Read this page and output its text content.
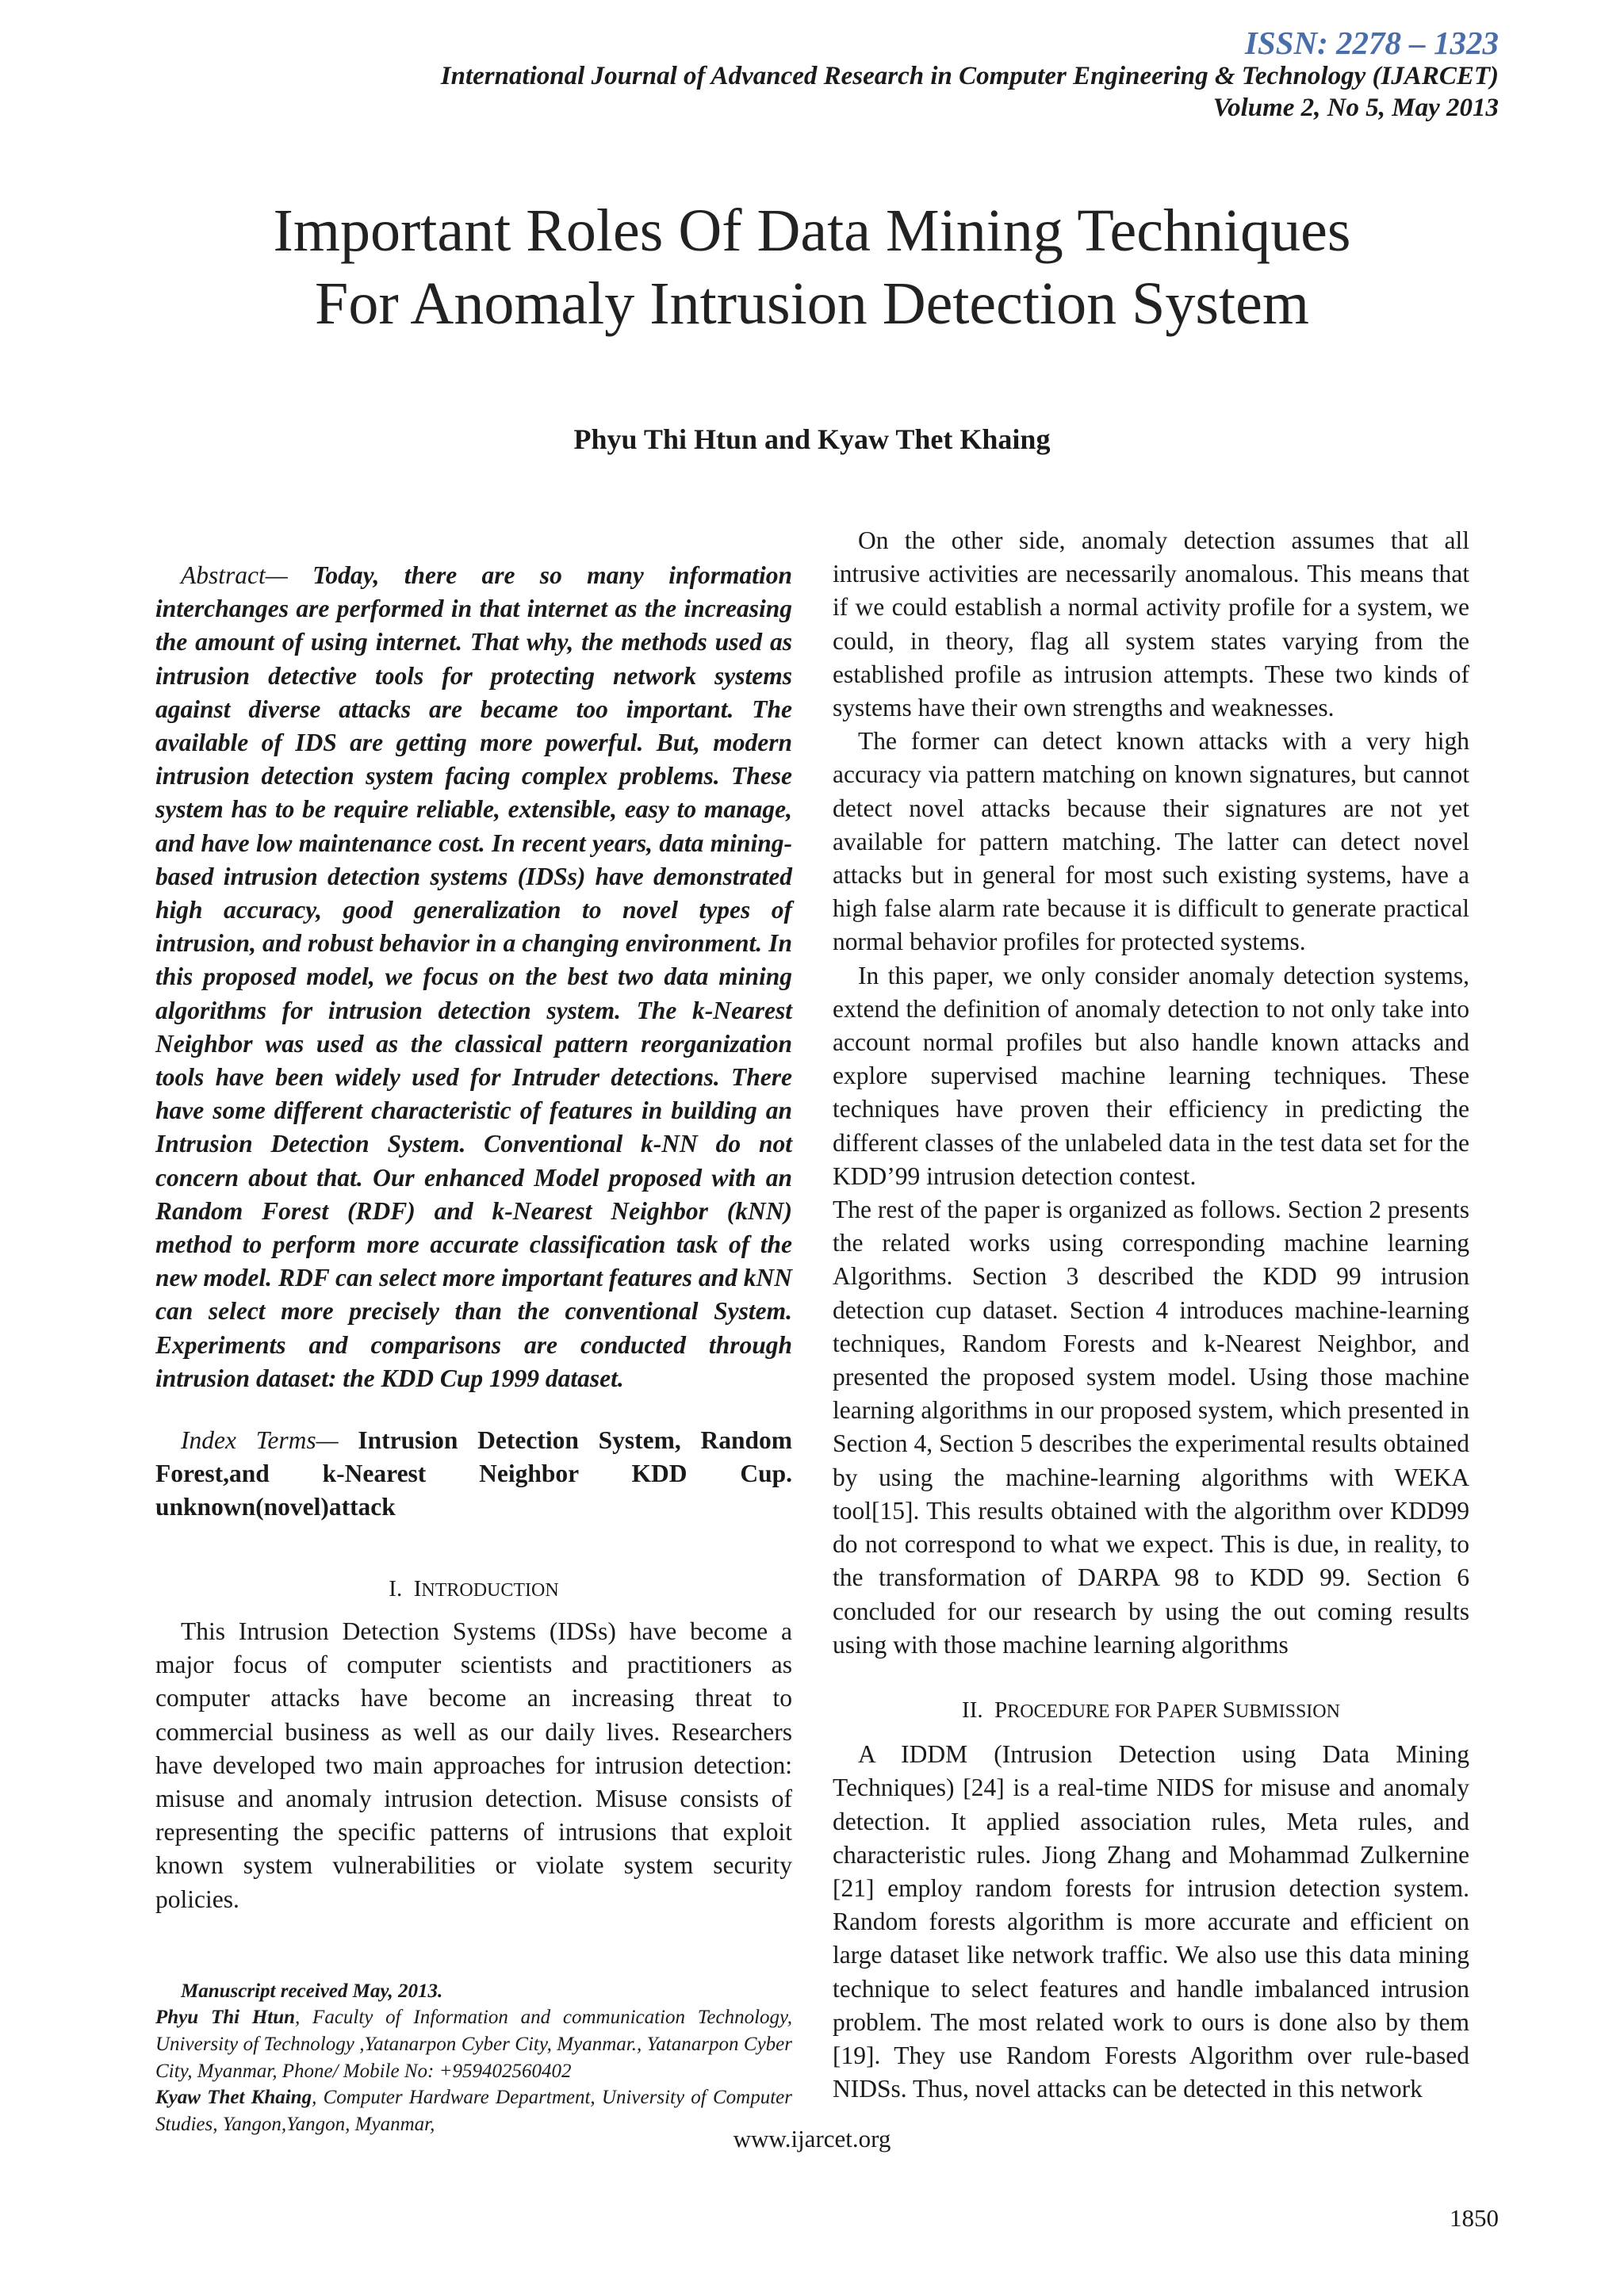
ISSN: 2278 – 1323
International Journal of Advanced Research in Computer Engineering & Technology (IJARCET)
Volume 2, No 5, May 2013
Important Roles Of Data Mining Techniques
For Anomaly Intrusion Detection System
Phyu Thi Htun and Kyaw Thet Khaing

Abstract— Today, there are so many information interchanges are performed in that internet as the increasing the amount of using internet. That why, the methods used as intrusion detective tools for protecting network systems against diverse attacks are became too important. The available of IDS are getting more powerful. But, modern intrusion detection system facing complex problems. These system has to be require reliable, extensible, easy to manage, and have low maintenance cost. In recent years, data mining-based intrusion detection systems (IDSs) have demonstrated high accuracy, good generalization to novel types of intrusion, and robust behavior in a changing environment. In this proposed model, we focus on the best two data mining algorithms for intrusion detection system. The k-Nearest Neighbor was used as the classical pattern reorganization tools have been widely used for Intruder detections. There have some different characteristic of features in building an Intrusion Detection System. Conventional k-NN do not concern about that. Our enhanced Model proposed with an Random Forest (RDF) and k-Nearest Neighbor (kNN) method to perform more accurate classification task of the new model. RDF can select more important features and kNN can select more precisely than the conventional System. Experiments and comparisons are conducted through intrusion dataset: the KDD Cup 1999 dataset.

Index Terms— Intrusion Detection System, Random Forest,and k-Nearest Neighbor KDD Cup. unknown(novel)attack

I. INTRODUCTION

This Intrusion Detection Systems (IDSs) have become a major focus of computer scientists and practitioners as computer attacks have become an increasing threat to commercial business as well as our daily lives. Researchers have developed two main approaches for intrusion detection: misuse and anomaly intrusion detection. Misuse consists of representing the specific patterns of intrusions that exploit known system vulnerabilities or violate system security policies.

Manuscript received May, 2013.
Phyu Thi Htun, Faculty of Information and communication Technology, University of Technology ,Yatanarpon Cyber City, Myanmar., Yatanarpon Cyber City, Myanmar, Phone/ Mobile No: +959402560402
Kyaw Thet Khaing, Computer Hardware Department, University of Computer Studies, Yangon,Yangon, Myanmar,

On the other side, anomaly detection assumes that all intrusive activities are necessarily anomalous. This means that if we could establish a normal activity profile for a system, we could, in theory, flag all system states varying from the established profile as intrusion attempts. These two kinds of systems have their own strengths and weaknesses.

The former can detect known attacks with a very high accuracy via pattern matching on known signatures, but cannot detect novel attacks because their signatures are not yet available for pattern matching. The latter can detect novel attacks but in general for most such existing systems, have a high false alarm rate because it is difficult to generate practical normal behavior profiles for protected systems.

In this paper, we only consider anomaly detection systems, extend the definition of anomaly detection to not only take into account normal profiles but also handle known attacks and explore supervised machine learning techniques. These techniques have proven their efficiency in predicting the different classes of the unlabeled data in the test data set for the KDD’99 intrusion detection contest.

The rest of the paper is organized as follows. Section 2 presents the related works using corresponding machine learning Algorithms. Section 3 described the KDD 99 intrusion detection cup dataset. Section 4 introduces machine-learning techniques, Random Forests and k-Nearest Neighbor, and presented the proposed system model. Using those machine learning algorithms in our proposed system, which presented in Section 4, Section 5 describes the experimental results obtained by using the machine-learning algorithms with WEKA tool[15]. This results obtained with the algorithm over KDD99 do not correspond to what we expect. This is due, in reality, to the transformation of DARPA 98 to KDD 99. Section 6 concluded for our research by using the out coming results using with those machine learning algorithms

II. PROCEDURE FOR PAPER SUBMISSION

A IDDM (Intrusion Detection using Data Mining Techniques) [24] is a real-time NIDS for misuse and anomaly detection. It applied association rules, Meta rules, and characteristic rules. Jiong Zhang and Mohammad Zulkernine [21] employ random forests for intrusion detection system. Random forests algorithm is more accurate and efficient on large dataset like network traffic. We also use this data mining technique to select features and handle imbalanced intrusion problem. The most related work to ours is done also by them [19]. They use Random Forests Algorithm over rule-based NIDSs. Thus, novel attacks can be detected in this network

www.ijarcet.org
1850
